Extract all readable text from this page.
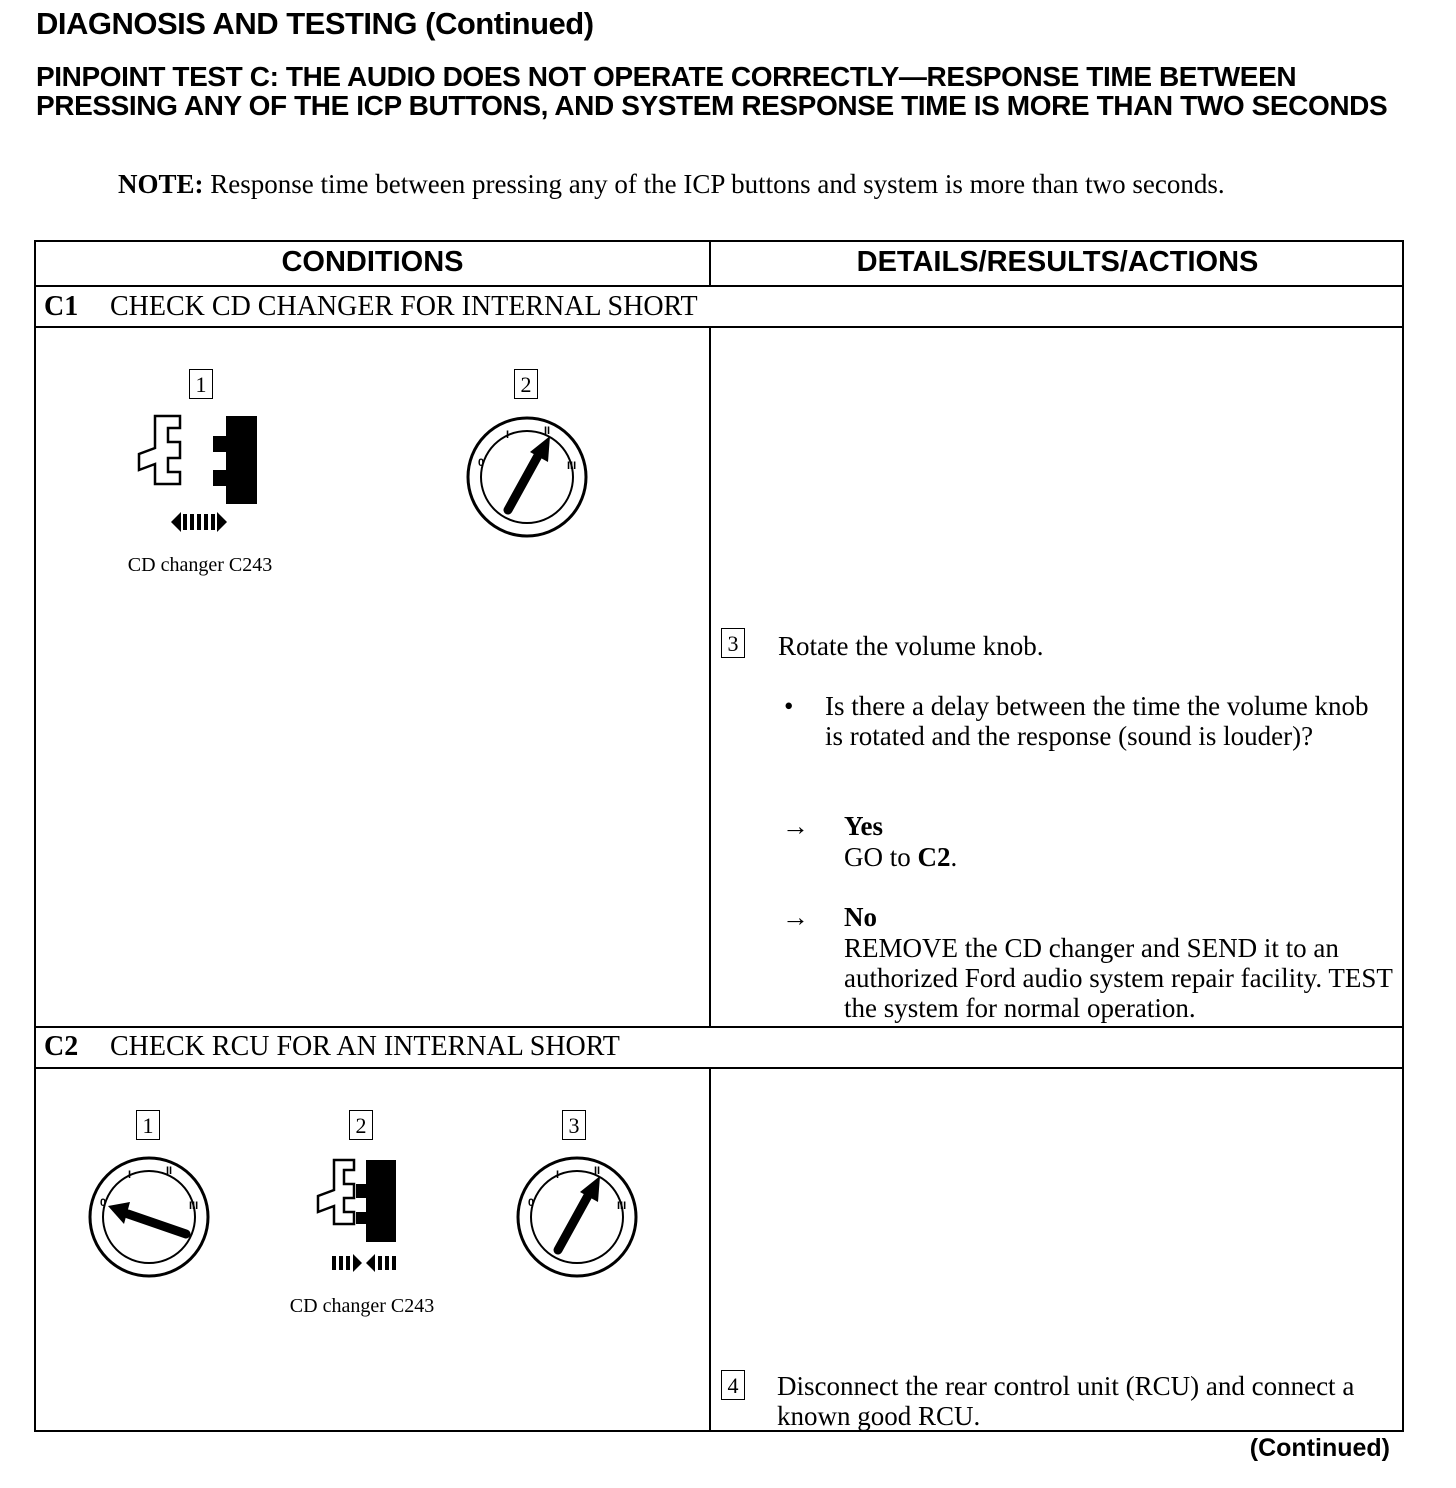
DIAGNOSIS AND TESTING (Continued)
PINPOINT TEST C: THE AUDIO DOES NOT OPERATE CORRECTLY—RESPONSE TIME BETWEEN PRESSING ANY OF THE ICP BUTTONS, AND SYSTEM RESPONSE TIME IS MORE THAN TWO SECONDS
NOTE: Response time between pressing any of the ICP buttons and system is more than two seconds.
CONDITIONS	DETAILS/RESULTS/ACTIONS
C1 CHECK CD CHANGER FOR INTERNAL SHORT
1
CD changer C243
2
0
I	II
III
3 Rotate the volume knob.
• Is there a delay between the time the volume knob is rotated and the response (sound is louder)?
→ Yes
GO to C2.
→ No
REMOVE the CD changer and SEND it to an authorized Ford audio system repair facility. TEST the system for normal operation.
C2 CHECK RCU FOR AN INTERNAL SHORT
1
0
I	II
III
2
CD changer C243
3
0
I	II
III
4 Disconnect the rear control unit (RCU) and connect a known good RCU.
(Continued)
